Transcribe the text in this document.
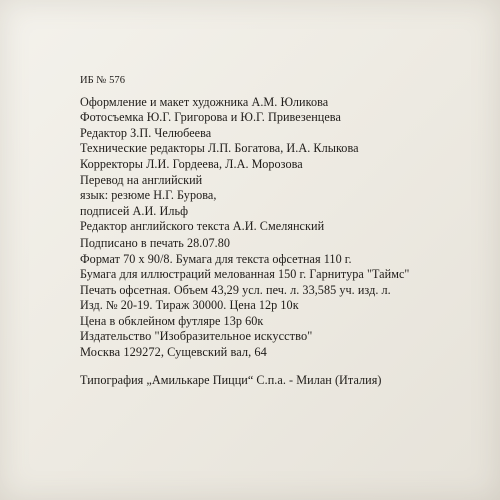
ИБ № 576
Оформление и макет художника А.М. Юликова
Фотосъемка Ю.Г. Григорова и Ю.Г. Привезенцева
Редактор З.П. Челюбеева
Технические редакторы Л.П. Богатова, И.А. Клыкова
Корректоры Л.И. Гордеева, Л.А. Морозова
Перевод на английский
язык: резюме Н.Г. Бурова,
подписей А.И. Ильф
Редактор английского текста А.И. Смелянский
Подписано в печать 28.07.80
Формат 70 x 90/8. Бумага для текста офсетная 110 г.
Бумага для иллюстраций мелованная 150 г. Гарнитура "Таймс"
Печать офсетная. Объем 43,29 усл. печ. л. 33,585 уч. изд. л.
Изд. № 20-19. Тираж 30000. Цена 12р 10к
Цена в обклейном футляре 13р 60к
Издательство "Изобразительное искусство"
Москва 129272, Сущевский вал, 64
Типография „Амилькаре Пицци“ С.п.а. - Милан (Италия)
